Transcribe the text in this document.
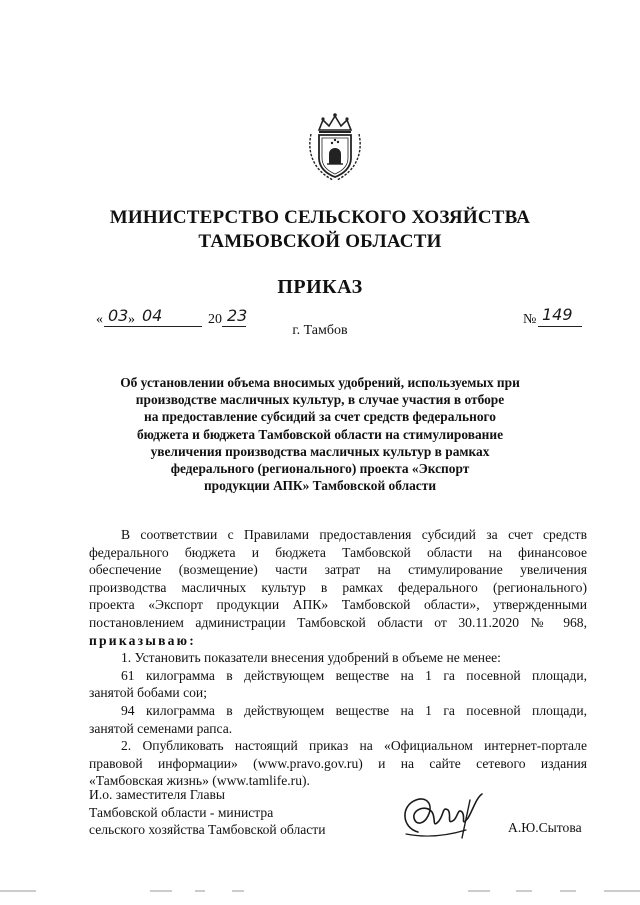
МИНИСТЕРСТВО СЕЛЬСКОГО ХОЗЯЙСТВА
ТАМБОВСКОЙ ОБЛАСТИ
ПРИКАЗ
« 03 » 04	20 23	№ 149
г. Тамбов
Об установлении объема вносимых удобрений, используемых при
производстве масличных культур, в случае участия в отборе
на предоставление субсидий за счет средств федерального
бюджета и бюджета Тамбовской области на стимулирование
увеличения производства масличных культур в рамках
федерального (регионального) проекта «Экспорт
продукции АПК» Тамбовской области
В соответствии с Правилами предоставления субсидий за счет средств
федерального бюджета и бюджета Тамбовской области на финансовое
обеспечение (возмещение) части затрат на стимулирование увеличения
производства масличных культур в рамках федерального (регионального)
проекта «Экспорт продукции АПК» Тамбовской области», утвержденными
постановлением администрации Тамбовской области от 30.11.2020 № 968,
приказываю:
1. Установить показатели внесения удобрений в объеме не менее:
61 килограмма в действующем веществе на 1 га посевной площади,
занятой бобами сои;
94 килограмма в действующем веществе на 1 га посевной площади,
занятой семенами рапса.
2. Опубликовать настоящий приказ на «Официальном интернет-портале
правовой информации» (www.pravo.gov.ru) и на сайте сетевого издания
«Тамбовская жизнь» (www.tamlife.ru).
И.о. заместителя Главы
Тамбовской области - министра
сельского хозяйства Тамбовской области	А.Ю.Сытова
